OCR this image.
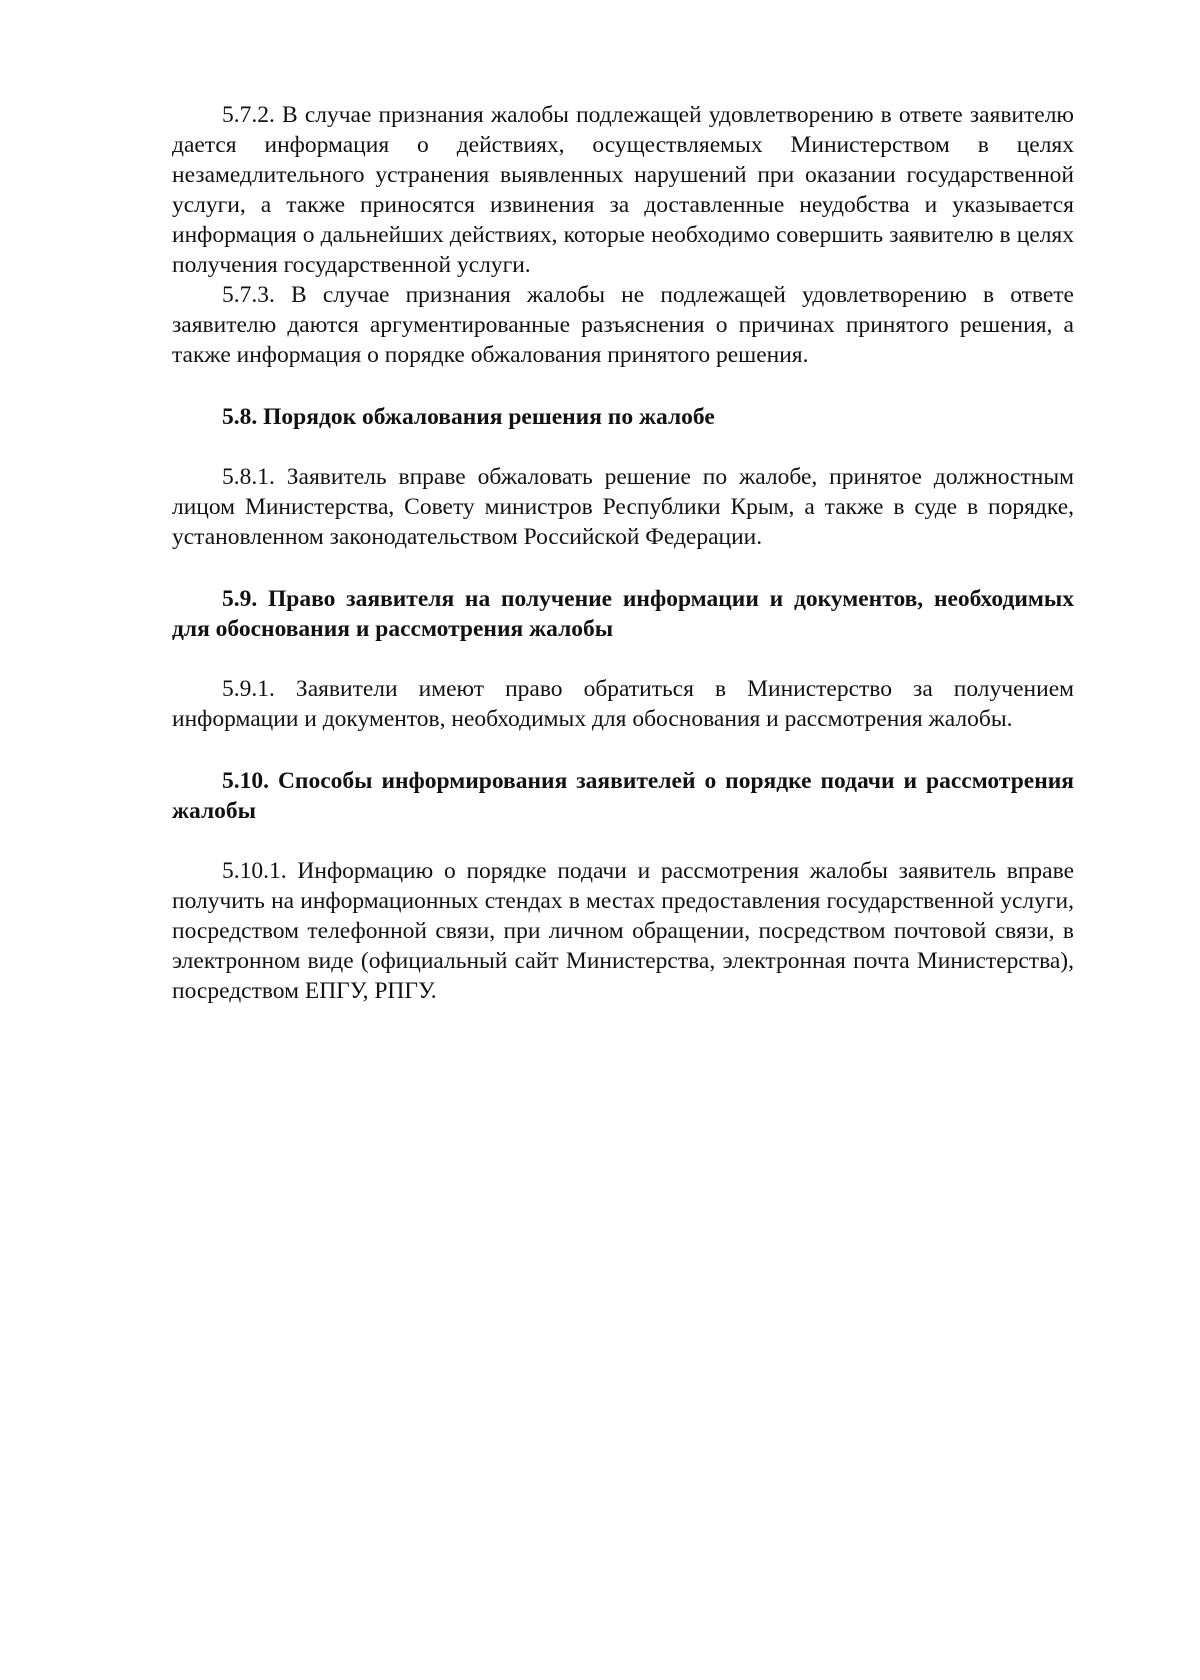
5.7.2. В случае признания жалобы подлежащей удовлетворению в ответе заявителю дается информация о действиях, осуществляемых Министерством в целях незамедлительного устранения выявленных нарушений при оказании государственной услуги, а также приносятся извинения за доставленные неудобства и указывается информация о дальнейших действиях, которые необходимо совершить заявителю в целях получения государственной услуги.

5.7.3. В случае признания жалобы не подлежащей удовлетворению в ответе заявителю даются аргументированные разъяснения о причинах принятого решения, а также информация о порядке обжалования принятого решения.

5.8. Порядок обжалования решения по жалобе

5.8.1. Заявитель вправе обжаловать решение по жалобе, принятое должностным лицом Министерства, Совету министров Республики Крым, а также в суде в порядке, установленном законодательством Российской Федерации.

5.9. Право заявителя на получение информации и документов, необходимых для обоснования и рассмотрения жалобы

5.9.1. Заявители имеют право обратиться в Министерство за получением информации и документов, необходимых для обоснования и рассмотрения жалобы.

5.10. Способы информирования заявителей о порядке подачи и рассмотрения жалобы

5.10.1. Информацию о порядке подачи и рассмотрения жалобы заявитель вправе получить на информационных стендах в местах предоставления государственной услуги, посредством телефонной связи, при личном обращении, посредством почтовой связи, в электронном виде (официальный сайт Министерства, электронная почта Министерства), посредством ЕПГУ, РПГУ.
